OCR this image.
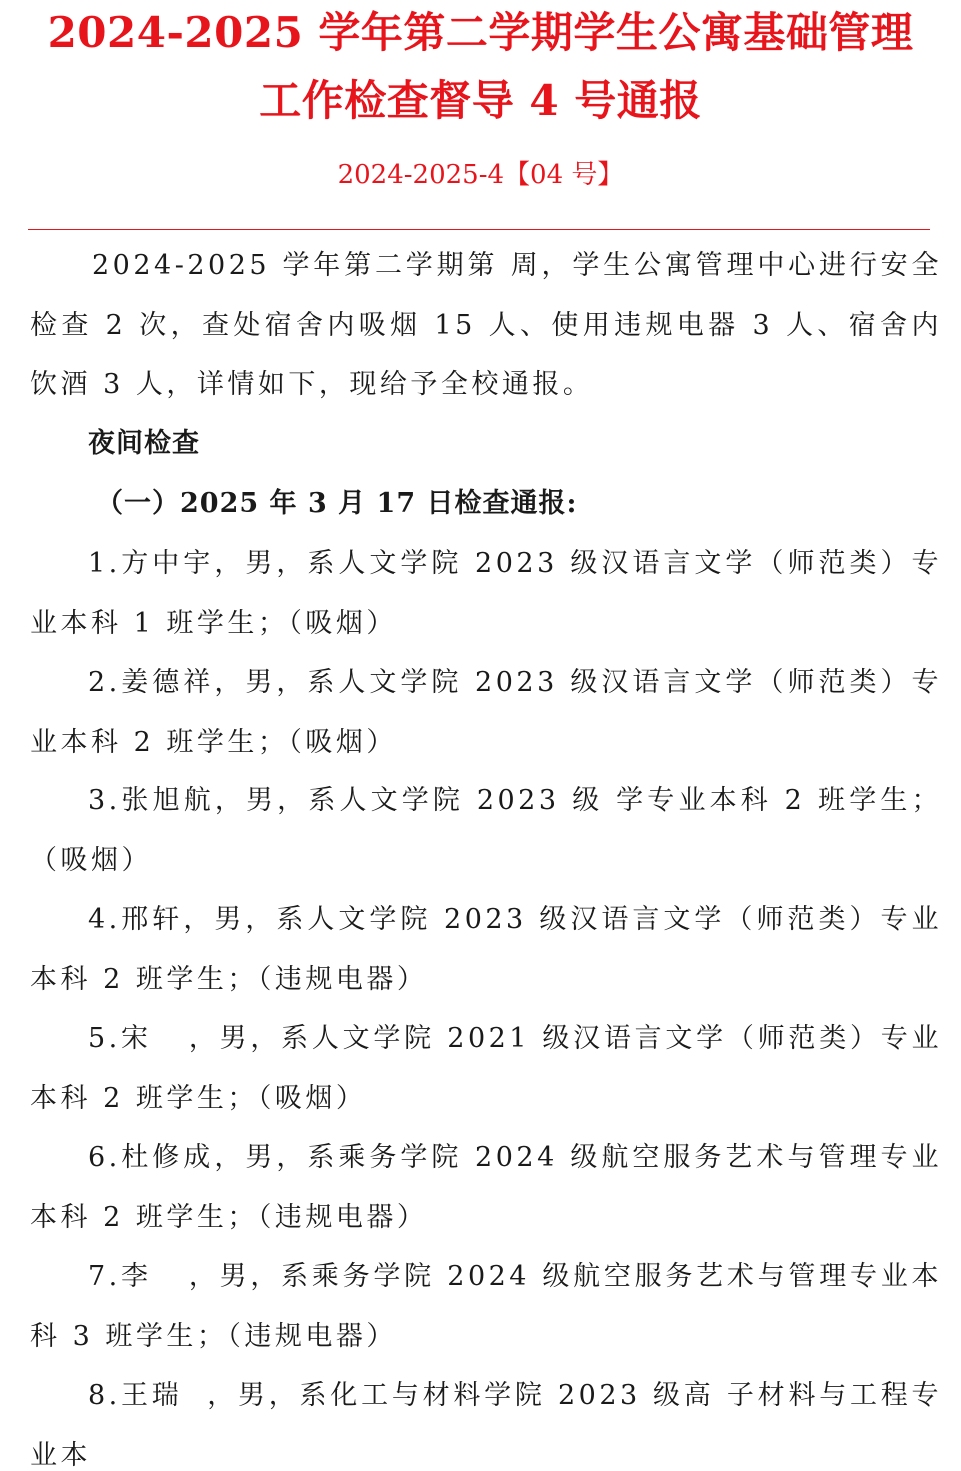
2024-2025 学年第二学期学生公寓基础管理
工作检查督导 4 号通报
2024-2025-4【04 号】

2024-2025 学年第二学期第 周，学生公寓管理中心进行安全检查 2 次，查处宿舍内吸烟 15 人、使用违规电器 3 人、宿舍内饮酒 3 人，详情如下，现给予全校通报。

夜间检查

（一）2025 年 3 月 17 日检查通报:

1.方中宇，男，系人文学院 2023 级汉语言文学（师范类）专业本科 1 班学生；（吸烟）

2.姜德祥，男，系人文学院 2023 级汉语言文学（师范类）专业本科 2 班学生；（吸烟）

3.张旭航，男，系人文学院 2023 级 学专业本科 2 班学生；（吸烟）

4.邢轩，男，系人文学院 2023 级汉语言文学（师范类）专业本科 2 班学生；（违规电器）

5.宋   ，男，系人文学院 2021 级汉语言文学（师范类）专业本科 2 班学生；（吸烟）

6.杜修成，男，系乘务学院 2024 级航空服务艺术与管理专业本科 2 班学生；（违规电器）

7.李   ，男，系乘务学院 2024 级航空服务艺术与管理专业本科 3 班学生；（违规电器）

8.王瑞  ，男，系化工与材料学院 2023 级高 子材料与工程专业本
